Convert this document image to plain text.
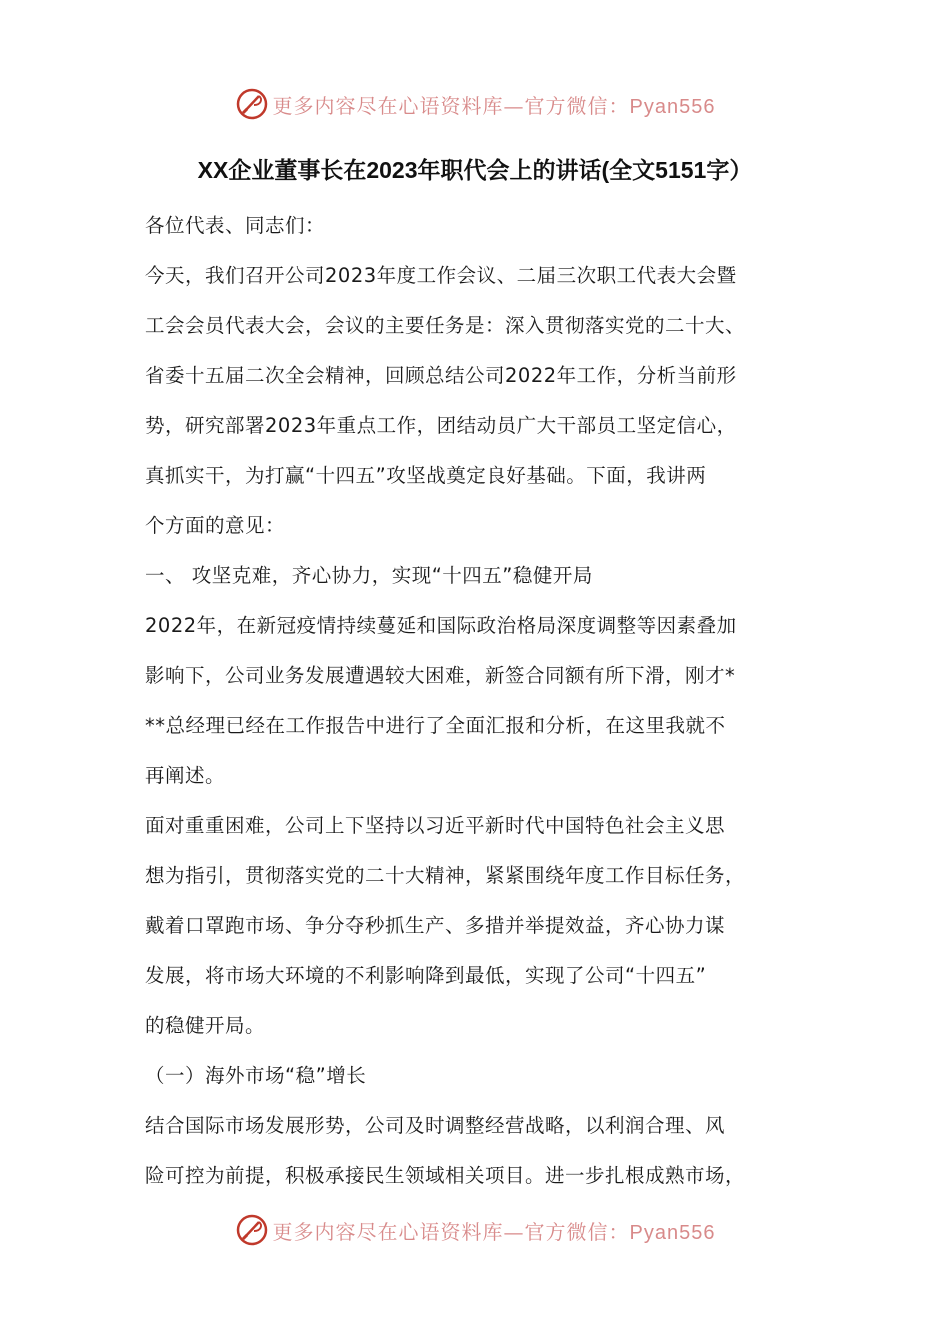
更多内容尽在心语资料库—官方微信：Pyan556
XX企业董事长在2023年职代会上的讲话(全文5151字）
各位代表、同志们：
今天，我们召开公司2023年度工作会议、二届三次职工代表大会暨
工会会员代表大会，会议的主要任务是：深入贯彻落实党的二十大、
省委十五届二次全会精神，回顾总结公司2022年工作，分析当前形
势，研究部署2023年重点工作，团结动员广大干部员工坚定信心，
真抓实干，为打赢“十四五”攻坚战奠定良好基础。下面，我讲两
个方面的意见：
一、 攻坚克难，齐心协力，实现“十四五”稳健开局
2022年，在新冠疫情持续蔓延和国际政治格局深度调整等因素叠加
影响下，公司业务发展遭遇较大困难，新签合同额有所下滑，刚才*
**总经理已经在工作报告中进行了全面汇报和分析，在这里我就不
再阐述。
面对重重困难，公司上下坚持以习近平新时代中国特色社会主义思
想为指引，贯彻落实党的二十大精神，紧紧围绕年度工作目标任务，
戴着口罩跑市场、争分夺秒抓生产、多措并举提效益，齐心协力谋
发展，将市场大环境的不利影响降到最低，实现了公司“十四五”
的稳健开局。
（一）海外市场“稳”增长
结合国际市场发展形势，公司及时调整经营战略，以利润合理、风
险可控为前提，积极承接民生领域相关项目。进一步扎根成熟市场，
更多内容尽在心语资料库—官方微信：Pyan556
